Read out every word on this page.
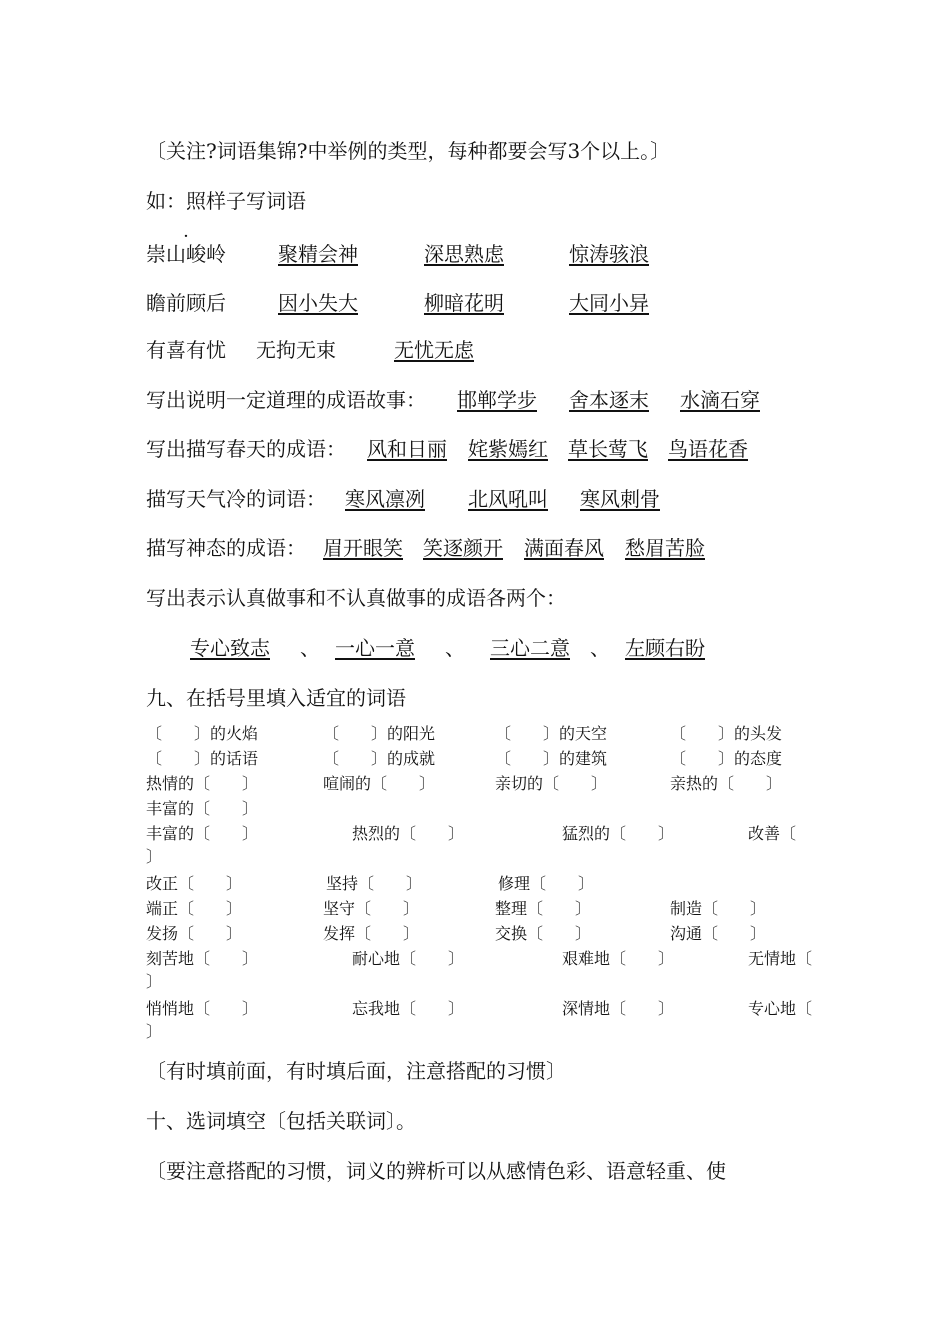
〔关注?词语集锦?中举例的类型，每种都要会写3个以上。〕
如：照样子写词语
崇山峻岭	聚精会神	深思熟虑	惊涛骇浪
瞻前顾后	因小失大	柳暗花明	大同小异
有喜有忧 无拘无束	无忧无虑
写出说明一定道理的成语故事： 邯郸学步 舍本逐末 水滴石穿
写出描写春天的成语： 风和日丽 姹紫嫣红 草长莺飞 鸟语花香
描写天气冷的词语： 寒风凛冽 北风吼叫 寒风刺骨
描写神态的成语： 眉开眼笑 笑逐颜开 满面春风 愁眉苦脸
写出表示认真做事和不认真做事的成语各两个：
专心致志	、 一心一意	、	三心二意	、 左顾右盼
九、在括号里填入适宜的词语
〔　　〕的火焰	〔　　〕的阳光	〔　　〕的天空	〔　　〕的头发
〔　　〕的话语	〔　　〕的成就	〔　　〕的建筑	〔　　〕的态度
热情的〔　　〕	喧闹的〔　　〕	亲切的〔　　〕	亲热的〔　　〕
丰富的〔　　〕
丰富的〔　　〕	热烈的〔　　〕	猛烈的〔　　〕	改善〔
〕
改正〔　　〕	坚持〔　　〕	修理〔　　〕
端正〔　　〕	坚守〔　　〕	整理〔　　〕	制造〔　　〕
发扬〔　　〕	发挥〔　　〕	交换〔　　〕	沟通〔　　〕
刻苦地〔　　〕	耐心地〔　　〕	艰难地〔　　〕	无情地〔
〕
悄悄地〔　　〕	忘我地〔　　〕	深情地〔　　〕	专心地〔
〕
〔有时填前面，有时填后面，注意搭配的习惯〕
十、选词填空〔包括关联词〕。
〔要注意搭配的习惯，词义的辨析可以从感情色彩、语意轻重、使
